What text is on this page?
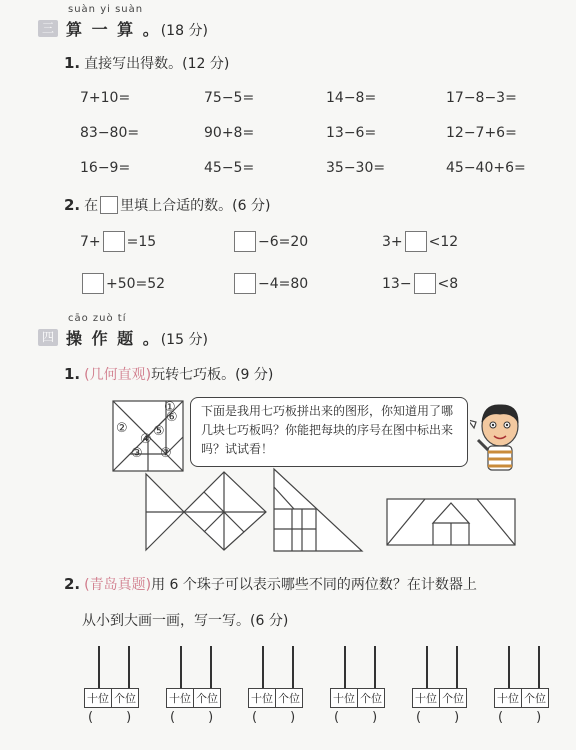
suàn yi suàn
三 算 一 算 。(18 分)
1. 直接写出得数。(12 分)
7+10=	75−5=	14−8=	17−8−3=
83−80=	90+8=	13−6=	12−7+6=
16−9=	45−5=	35−30=	45−40+6=
2. 在 里填上合适的数。(6 分)
7+ =15	−6=20	3+ <12
+50=52	−4=80	13− <8
cāo zuò tí
四 操 作 题 。(15 分)
1. (几何直观)玩转七巧板。(9 分)
①
②
③
④
⑤
⑥
⑦
下面是我用七巧板拼出来的图形，你知道用了哪几块七巧板吗？你能把每块的序号在图中标出来吗？试试看！
2. (青岛真题)用 6 个珠子可以表示哪些不同的两位数？在计数器上
从小到大画一画，写一写。(6 分)
十位 个位
(        )
十位 个位
(        )
十位 个位
(        )
十位 个位
(        )
十位 个位
(        )
十位 个位
(        )
